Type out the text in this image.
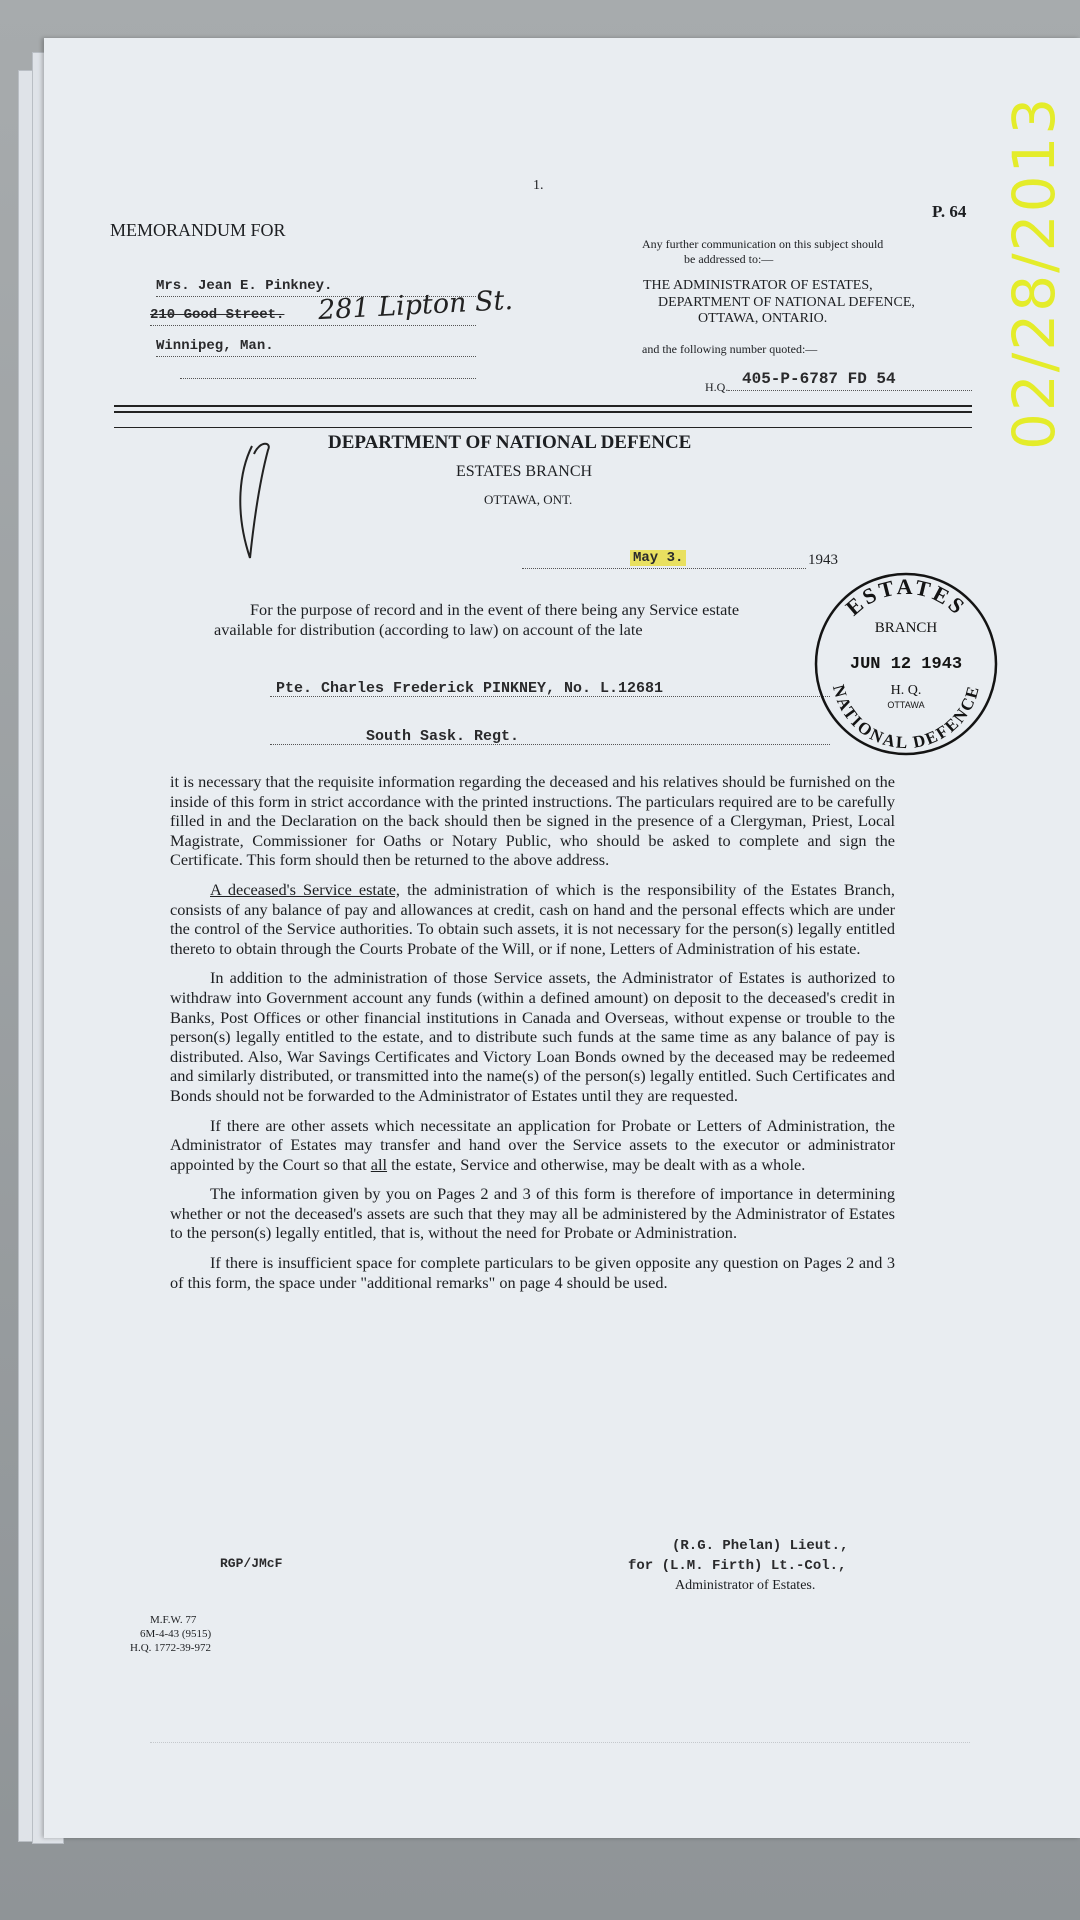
1.
P. 64
MEMORANDUM FOR
Mrs. Jean E. Pinkney.
210 Good Street. 281 Lipton St.
Winnipeg, Man.
Any further communication on this subject should
be addressed to:—
THE ADMINISTRATOR OF ESTATES,
DEPARTMENT OF NATIONAL DEFENCE,
OTTAWA, ONTARIO.
and the following number quoted:—
H.Q. 405-P-6787 FD 54
DEPARTMENT OF NATIONAL DEFENCE
ESTATES BRANCH
OTTAWA, ONT.
May 3.	1943
For the purpose of record and in the event of there being any Service estate
available for distribution (according to law) on account of the late
Pte. Charles Frederick PINKNEY, No. L.12681
South Sask. Regt.
ESTATES
NATIONAL DEFENCE
BRANCH
JUN 12 1943
H. Q.
OTTAWA

it is necessary that the requisite information regarding the deceased and his relatives should be furnished on the inside of this form in strict accordance with the printed instructions. The particulars required are to be carefully filled in and the Declaration on the back should then be signed in the presence of a Clergyman, Priest, Local Magistrate, Commissioner for Oaths or Notary Public, who should be asked to complete and sign the Certificate. This form should then be returned to the above address.

A deceased's Service estate, the administration of which is the responsibility of the Estates Branch, consists of any balance of pay and allowances at credit, cash on hand and the personal effects which are under the control of the Service authorities. To obtain such assets, it is not necessary for the person(s) legally entitled thereto to obtain through the Courts Probate of the Will, or if none, Letters of Administration of his estate.

In addition to the administration of those Service assets, the Administrator of Estates is authorized to withdraw into Government account any funds (within a defined amount) on deposit to the deceased's credit in Banks, Post Offices or other financial institutions in Canada and Overseas, without expense or trouble to the person(s) legally entitled to the estate, and to distribute such funds at the same time as any balance of pay is distributed. Also, War Savings Certificates and Victory Loan Bonds owned by the deceased may be redeemed and similarly distributed, or transmitted into the name(s) of the person(s) legally entitled. Such Certificates and Bonds should not be forwarded to the Administrator of Estates until they are requested.

If there are other assets which necessitate an application for Probate or Letters of Administration, the Administrator of Estates may transfer and hand over the Service assets to the executor or administrator appointed by the Court so that all the estate, Service and otherwise, may be dealt with as a whole.

The information given by you on Pages 2 and 3 of this form is therefore of importance in determining whether or not the deceased's assets are such that they may all be administered by the Administrator of Estates to the person(s) legally entitled, that is, without the need for Probate or Administration.

If there is insufficient space for complete particulars to be given opposite any question on Pages 2 and 3 of this form, the space under "additional remarks" on page 4 should be used.

RGP/JMcF
(R.G. Phelan) Lieut.,
for (L.M. Firth) Lt.-Col.,
Administrator of Estates.
M.F.W. 77
6M-4-43 (9515)
H.Q. 1772-39-972
02/28/2013
